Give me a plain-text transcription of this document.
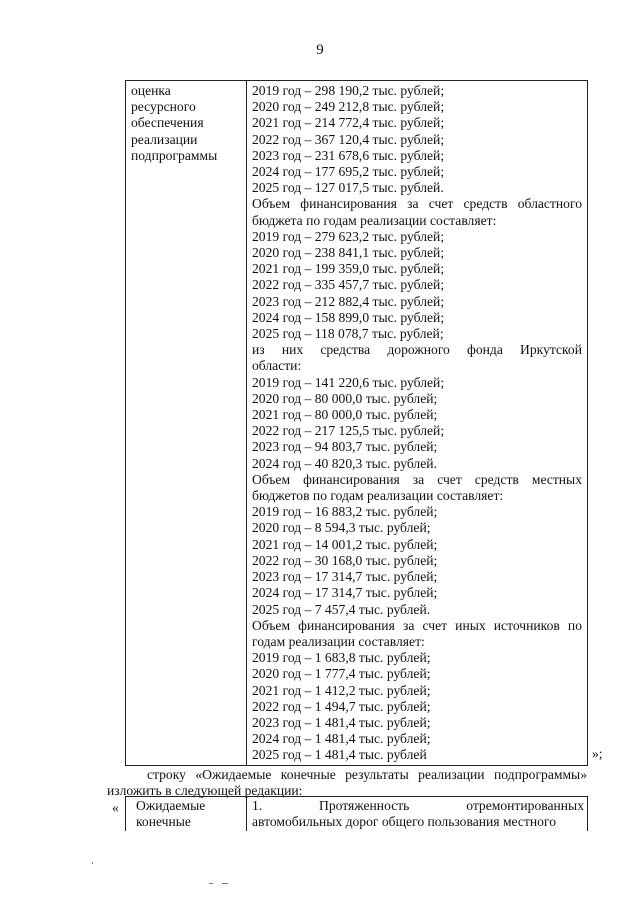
9
оценка
ресурсного
обеспечения
реализации
подпрограммы
2019 год – 298 190,2 тыс. рублей;
2020 год – 249 212,8 тыс. рублей;
2021 год – 214 772,4 тыс. рублей;
2022 год – 367 120,4 тыс. рублей;
2023 год – 231 678,6 тыс. рублей;
2024 год – 177 695,2 тыс. рублей;
2025 год – 127 017,5 тыс. рублей.
Объем финансирования за счет средств областного
бюджета по годам реализации составляет:
2019 год – 279 623,2 тыс. рублей;
2020 год – 238 841,1 тыс. рублей;
2021 год – 199 359,0 тыс. рублей;
2022 год – 335 457,7 тыс. рублей;
2023 год – 212 882,4 тыс. рублей;
2024 год – 158 899,0 тыс. рублей;
2025 год – 118 078,7 тыс. рублей;
из них средства дорожного фонда Иркутской
области:
2019 год – 141 220,6 тыс. рублей;
2020 год – 80 000,0 тыс. рублей;
2021 год – 80 000,0 тыс. рублей;
2022 год – 217 125,5 тыс. рублей;
2023 год – 94 803,7 тыс. рублей;
2024 год – 40 820,3 тыс. рублей.
Объем финансирования за счет средств местных
бюджетов по годам реализации составляет:
2019 год – 16 883,2 тыс. рублей;
2020 год – 8 594,3 тыс. рублей;
2021 год – 14 001,2 тыс. рублей;
2022 год – 30 168,0 тыс. рублей;
2023 год – 17 314,7 тыс. рублей;
2024 год – 17 314,7 тыс. рублей;
2025 год – 7 457,4 тыс. рублей.
Объем финансирования за счет иных источников по
годам реализации составляет:
2019 год – 1 683,8 тыс. рублей;
2020 год – 1 777,4 тыс. рублей;
2021 год – 1 412,2 тыс. рублей;
2022 год – 1 494,7 тыс. рублей;
2023 год – 1 481,4 тыс. рублей;
2024 год – 1 481,4 тыс. рублей;
2025 год – 1 481,4 тыс. рублей	»;
строку «Ожидаемые конечные результаты реализации подпрограммы»
изложить в следующей редакции:
« Ожидаемые
конечные
1. Протяженность отремонтированных
автомобильных дорог общего пользования местного
